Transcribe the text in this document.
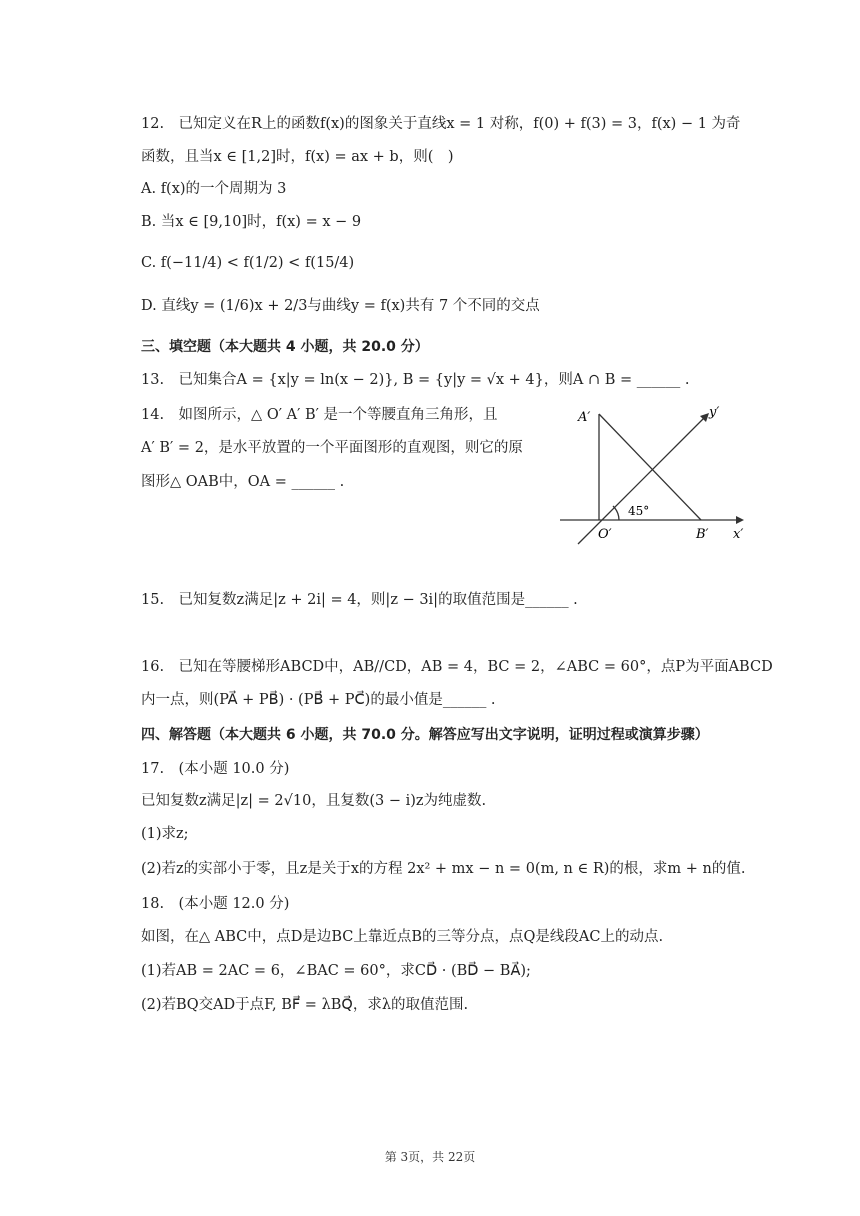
12.　已知定义在R上的函数f(x)的图象关于直线x = 1 对称，f(0) + f(3) = 3，f(x) − 1 为奇
函数，且当x ∈ [1,2]时，f(x) = ax + b，则(　)
A. f(x)的一个周期为 3
B. 当x ∈ [9,10]时，f(x) = x − 9
C. f(−11/4) < f(1/2) < f(15/4)
D. 直线y = (1/6)x + 2/3与曲线y = f(x)共有 7 个不同的交点
三、填空题（本大题共 4 小题，共 20.0 分）
13.　已知集合A = {x|y = ln(x − 2)}, B = {y|y = √x + 4}，则A ∩ B = ______ .
14.　如图所示，△ O′ A′ B′ 是一个等腰直角三角形，且
A′ B′ = 2，是水平放置的一个平面图形的直观图，则它的原
图形△ OAB中，OA = ______ .
A′	y′
45°
O′	B′ x′
15.　已知复数z满足|z + 2i| = 4，则|z − 3i|的取值范围是______ .
16.　已知在等腰梯形ABCD中，AB//CD，AB = 4，BC = 2，∠ABC = 60°，点P为平面ABCD
内一点，则(PA⃗ + PB⃗) · (PB⃗ + PC⃗)的最小值是______ .
四、解答题（本大题共 6 小题，共 70.0 分。解答应写出文字说明，证明过程或演算步骤）
17.　(本小题 10.0 分)
已知复数z满足|z| = 2√10，且复数(3 − i)z为纯虚数.
(1)求z;
(2)若z的实部小于零，且z是关于x的方程 2x² + mx − n = 0(m, n ∈ R)的根，求m + n的值.
18.　(本小题 12.0 分)
如图，在△ ABC中，点D是边BC上靠近点B的三等分点，点Q是线段AC上的动点.
(1)若AB = 2AC = 6，∠BAC = 60°，求CD⃗ · (BD⃗ − BA⃗);
(2)若BQ交AD于点F, BF⃗ = λBQ⃗，求λ的取值范围.
第 3页，共 22页
